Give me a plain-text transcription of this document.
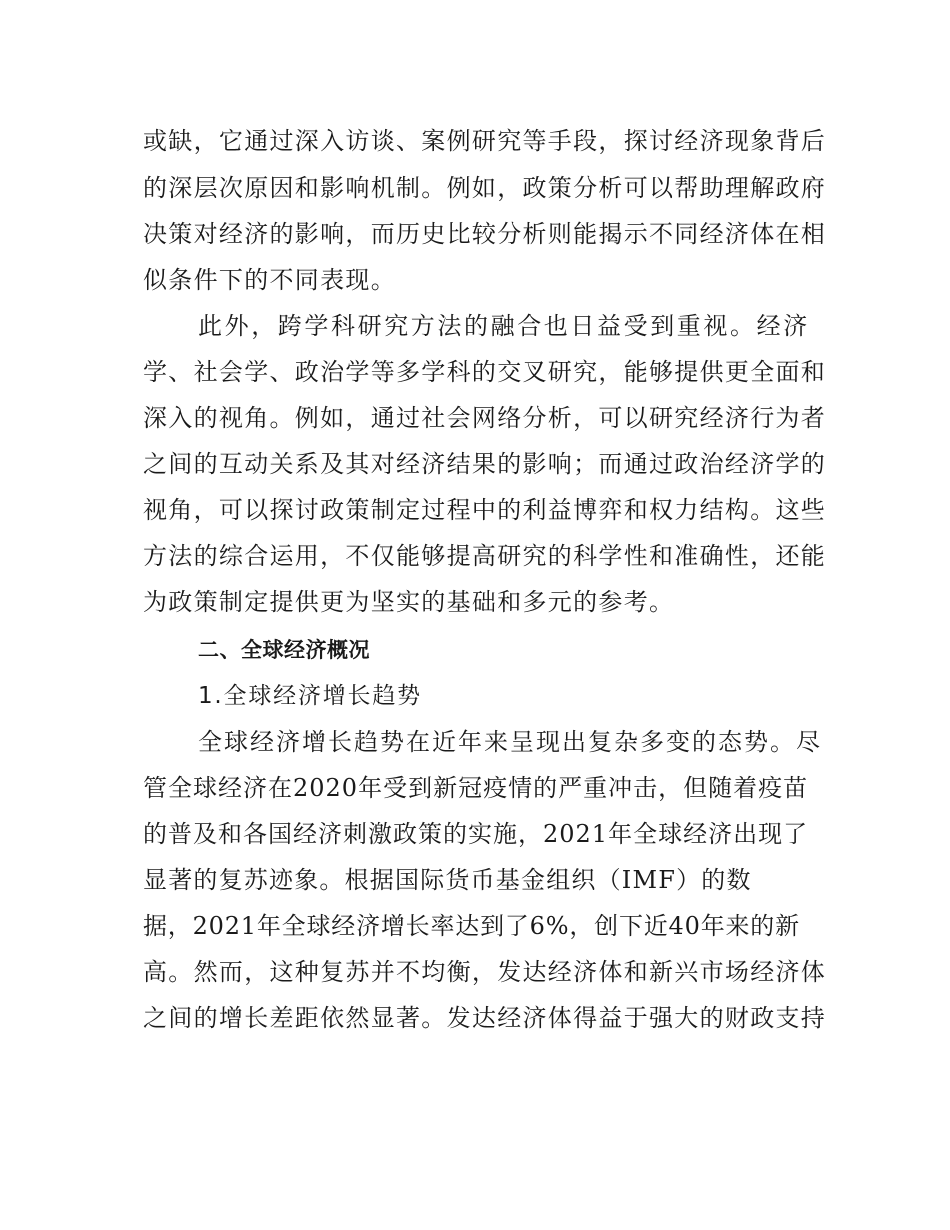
或缺，它通过深入访谈、案例研究等手段，探讨经济现象背后
的深层次原因和影响机制。例如，政策分析可以帮助理解政府
决策对经济的影响，而历史比较分析则能揭示不同经济体在相
似条件下的不同表现。
此外，跨学科研究方法的融合也日益受到重视。经济
学、社会学、政治学等多学科的交叉研究，能够提供更全面和
深入的视角。例如，通过社会网络分析，可以研究经济行为者
之间的互动关系及其对经济结果的影响；而通过政治经济学的
视角，可以探讨政策制定过程中的利益博弈和权力结构。这些
方法的综合运用，不仅能够提高研究的科学性和准确性，还能
为政策制定提供更为坚实的基础和多元的参考。
二、全球经济概况
1.全球经济增长趋势
全球经济增长趋势在近年来呈现出复杂多变的态势。尽
管全球经济在2020年受到新冠疫情的严重冲击，但随着疫苗
的普及和各国经济刺激政策的实施，2021年全球经济出现了
显著的复苏迹象。根据国际货币基金组织（IMF）的数
据，2021年全球经济增长率达到了6%，创下近40年来的新
高。然而，这种复苏并不均衡，发达经济体和新兴市场经济体
之间的增长差距依然显著。发达经济体得益于强大的财政支持
